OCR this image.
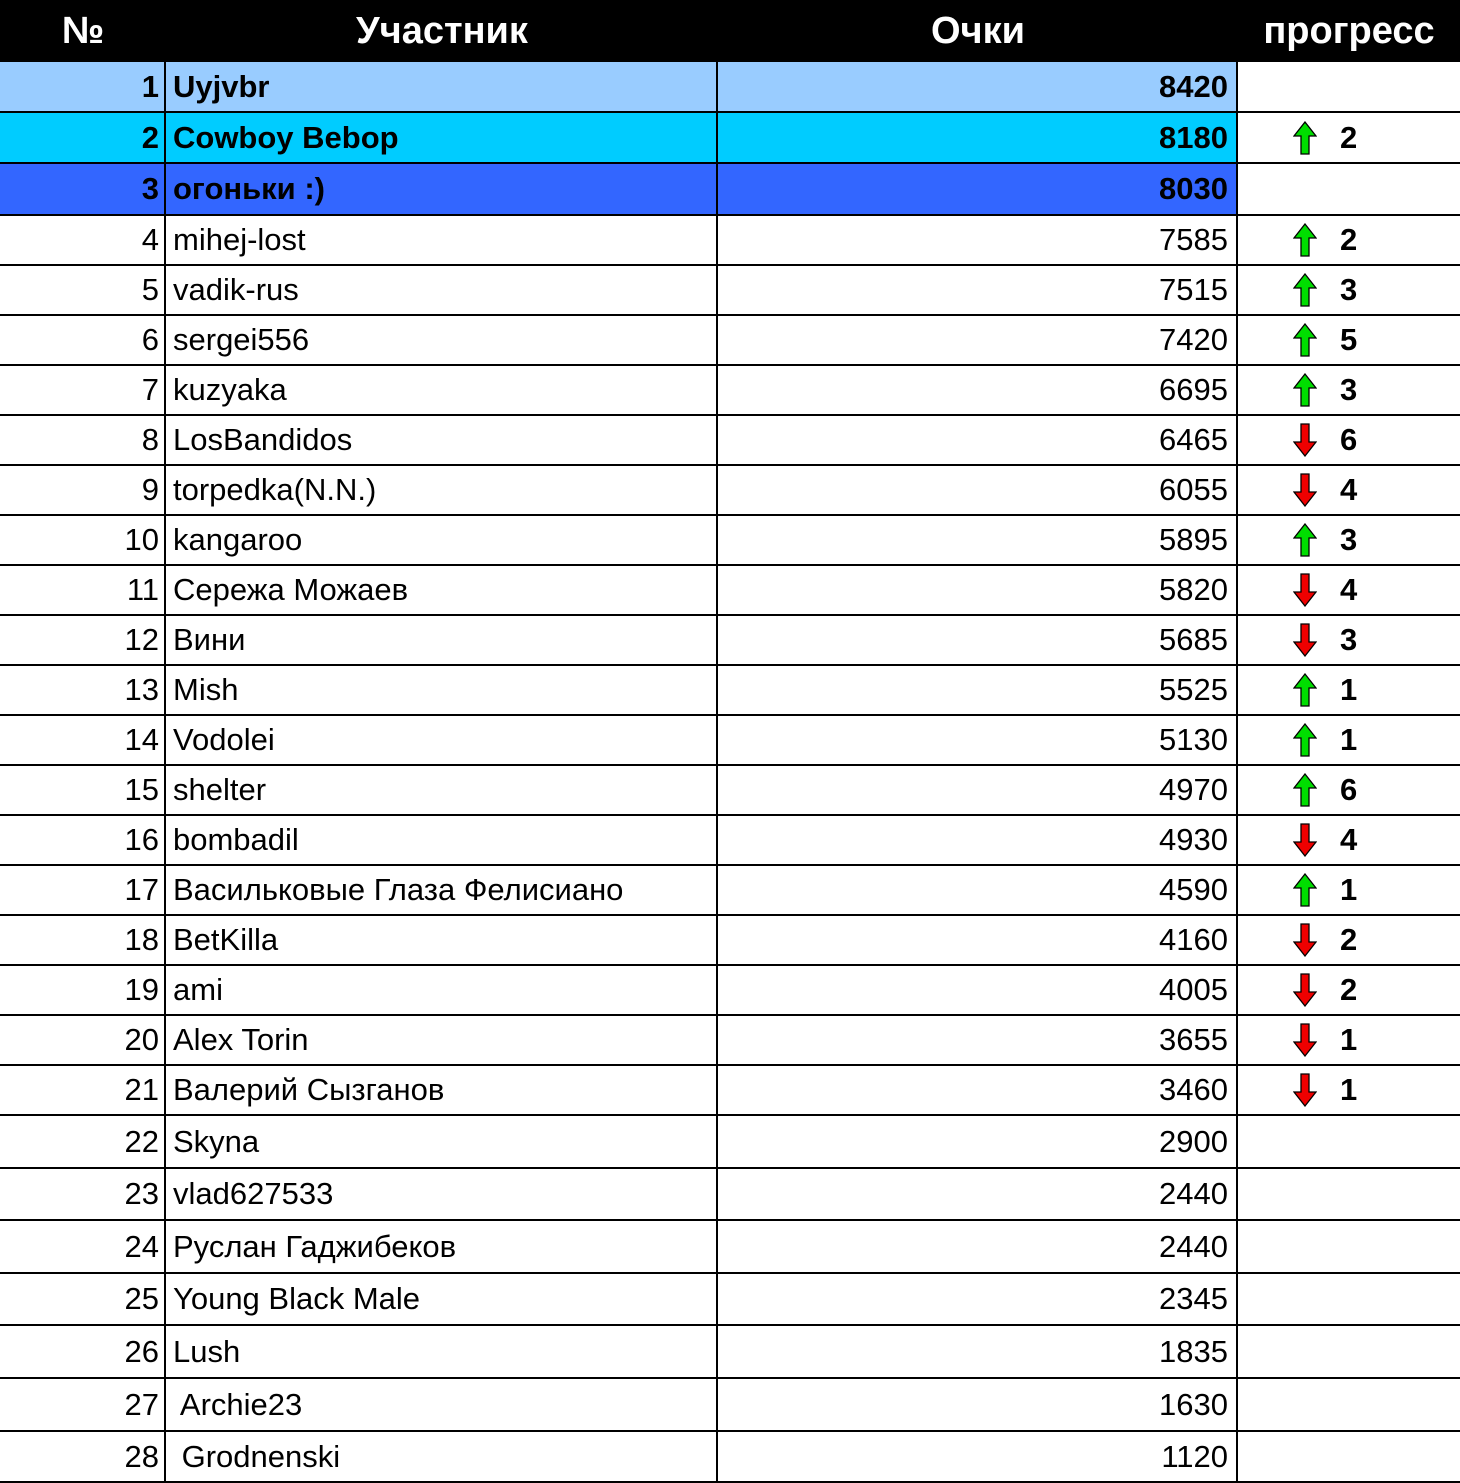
№	Участник	Очки	прогресс
1 Uyjvbr	8420
2 Cowboy Bebop	8180	2
3 огоньки :)	8030
4 mihej-lost	7585	2
5 vadik-rus	7515	3
6 sergei556	7420	5
7 kuzyaka	6695	3
8 LosBandidos	6465	6
9 torpedka(N.N.)	6055	4
10 kangaroo	5895	3
11 Сережа Можаев	5820	4
12 Вини	5685	3
13 Mish	5525	1
14 Vodolei	5130	1
15 shelter	4970	6
16 bombadil	4930	4
17 Васильковые Глаза Фелисиано	4590	1
18 BetKilla	4160	2
19 ami	4005	2
20 Alex Torin	3655	1
21 Валерий Сызганов	3460	1
22 Skyna	2900
23 vlad627533	2440
24 Руслан Гаджибеков	2440
25 Young Black Male	2345
26 Lush	1835
27 Archie23	1630
28 Grodnenski	1120
